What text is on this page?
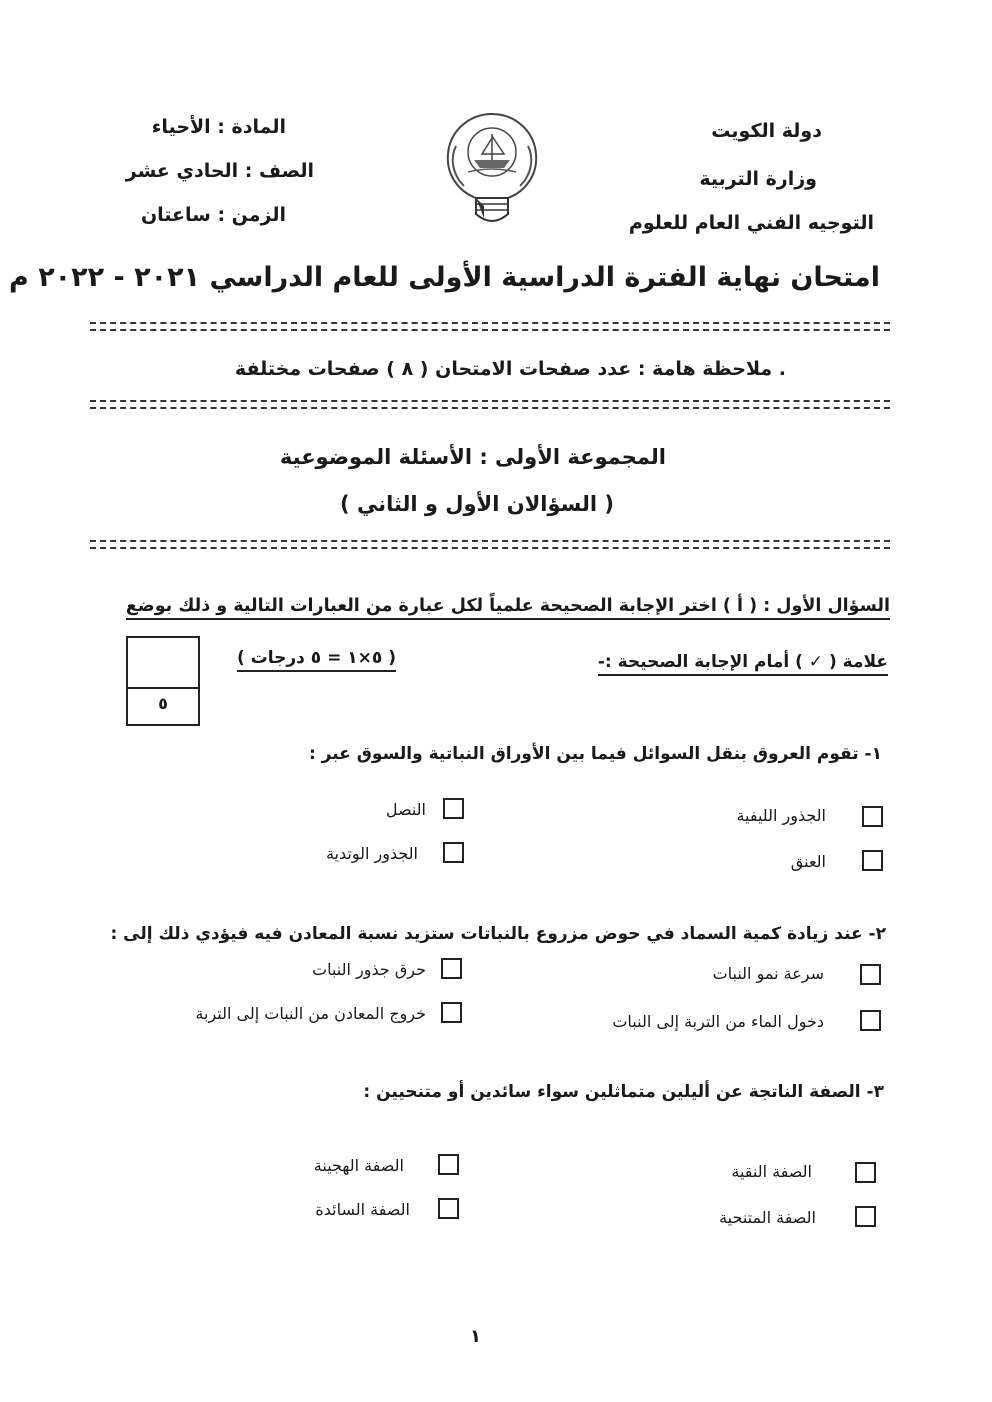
دولة الكويت
وزارة التربية
التوجيه الفني العام للعلوم
المادة : الأحياء
الصف : الحادي عشر
الزمن : ساعتان
امتحان نهاية الفترة الدراسية الأولى للعام الدراسي ٢٠٢١ - ٢٠٢٢ م
. ملاحظة هامة : عدد صفحات الامتحان ( ٨ ) صفحات مختلفة
المجموعة الأولى : الأسئلة الموضوعية
( السؤالان الأول و الثاني )
السؤال الأول : ( أ ) اختر الإجابة الصحيحة علمياً لكل عبارة من العبارات التالية و ذلك بوضع
علامة ( ✓ ) أمام الإجابة الصحيحة :-
( ٥×١ = ٥ درجات )
٥
١- تقوم العروق بنقل السوائل فيما بين الأوراق النباتية والسوق عبر :
الجذور الليفية
النصل
العنق
الجذور الوتدية
٢- عند زيادة كمية السماد في حوض مزروع بالنباتات ستزيد نسبة المعادن فيه فيؤدي ذلك إلى :
سرعة نمو النبات
حرق جذور النبات
دخول الماء من التربة إلى النبات
خروج المعادن من النبات إلى التربة
٣- الصفة الناتجة عن أليلين متماثلين سواء سائدين أو متنحيين :
الصفة النقية
الصفة الهجينة
الصفة المتنحية
الصفة السائدة
١
